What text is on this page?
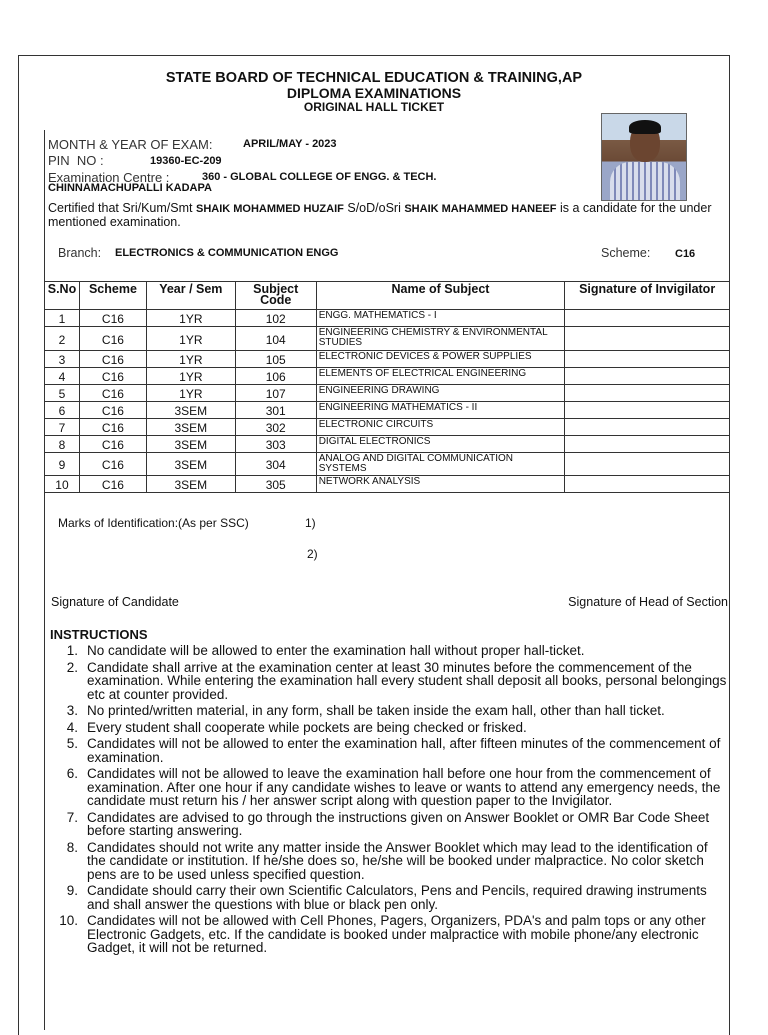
STATE BOARD OF TECHNICAL EDUCATION & TRAINING,AP
DIPLOMA EXAMINATIONS
ORIGINAL HALL TICKET
MONTH & YEAR OF EXAM:	APRIL/MAY - 2023
PIN  NO :	19360-EC-209
Examination Centre :	360 - GLOBAL COLLEGE OF ENGG. & TECH.
CHINNAMACHUPALLI KADAPA
Certified that Sri/Kum/Smt SHAIK MOHAMMED HUZAIF S/oD/oSri SHAIK MAHAMMED HANEEF is a candidate for the under mentioned examination.
Branch: ELECTRONICS & COMMUNICATION ENGG	Scheme: C16
S.No	Scheme	Year / Sem	Subject Code	Name of Subject	Signature of Invigilator
1	C16	1YR	102	ENGG. MATHEMATICS - I	
2	C16	1YR	104	ENGINEERING CHEMISTRY & ENVIRONMENTAL STUDIES	
3	C16	1YR	105	ELECTRONIC DEVICES & POWER SUPPLIES	
4	C16	1YR	106	ELEMENTS OF ELECTRICAL ENGINEERING	
5	C16	1YR	107	ENGINEERING DRAWING	
6	C16	3SEM	301	ENGINEERING MATHEMATICS - II	
7	C16	3SEM	302	ELECTRONIC CIRCUITS	
8	C16	3SEM	303	DIGITAL ELECTRONICS	
9	C16	3SEM	304	ANALOG AND DIGITAL COMMUNICATION SYSTEMS	
10	C16	3SEM	305	NETWORK ANALYSIS	
Marks of Identification:(As per SSC)	1)
2)
Signature of Candidate	Signature of Head of Section
INSTRUCTIONS
1. No candidate will be allowed to enter the examination hall without proper hall-ticket.
2. Candidate shall arrive at the examination center at least 30 minutes before the commencement of the examination. While entering the examination hall every student shall deposit all books, personal belongings etc at counter provided.
3. No printed/written material, in any form, shall be taken inside the exam hall, other than hall ticket.
4. Every student shall cooperate while pockets are being checked or frisked.
5. Candidates will not be allowed to enter the examination hall, after fifteen minutes of the commencement of examination.
6. Candidates will not be allowed to leave the examination hall before one hour from the commencement of examination. After one hour if any candidate wishes to leave or wants to attend any emergency needs, the candidate must return his / her answer script along with question paper to the Invigilator.
7. Candidates are advised to go through the instructions given on Answer Booklet or OMR Bar Code Sheet before starting answering.
8. Candidates should not write any matter inside the Answer Booklet which may lead to the identification of the candidate or institution. If he/she does so, he/she will be booked under malpractice. No color sketch pens are to be used unless specified question.
9. Candidate should carry their own Scientific Calculators, Pens and Pencils, required drawing instruments and shall answer the questions with blue or black pen only.
10. Candidates will not be allowed with Cell Phones, Pagers, Organizers, PDA's and palm tops or any other Electronic Gadgets, etc. If the candidate is booked under malpractice with mobile phone/any electronic Gadget, it will not be returned.
